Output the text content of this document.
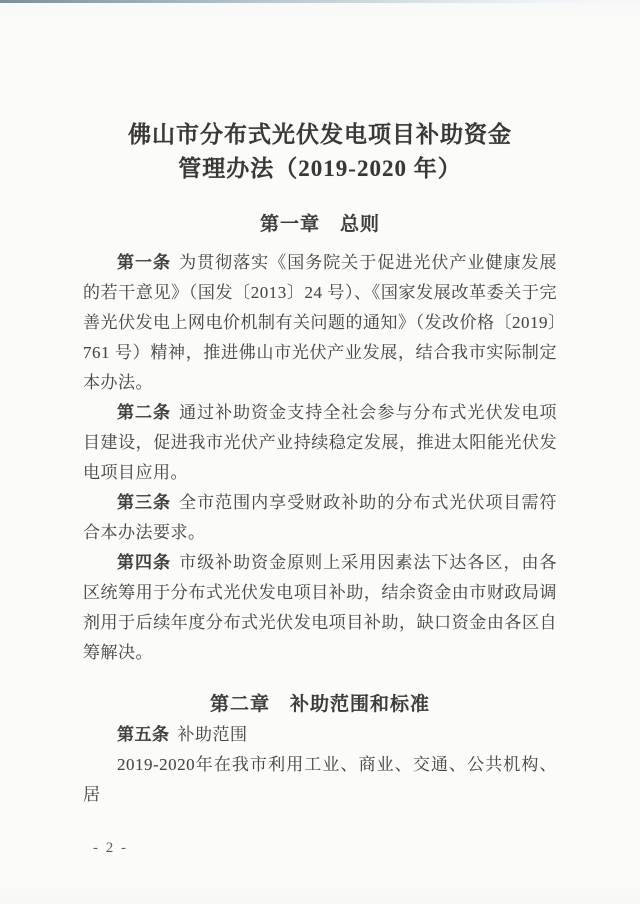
佛山市分布式光伏发电项目补助资金
管理办法（2019-2020 年）
第一章　总则

第一条 为贯彻落实《国务院关于促进光伏产业健康发展的若干意见》（国发〔2013〕24 号）、《国家发展改革委关于完善光伏发电上网电价机制有关问题的通知》（发改价格〔2019〕761 号）精神，推进佛山市光伏产业发展，结合我市实际制定本办法。

第二条 通过补助资金支持全社会参与分布式光伏发电项目建设，促进我市光伏产业持续稳定发展，推进太阳能光伏发电项目应用。

第三条 全市范围内享受财政补助的分布式光伏项目需符合本办法要求。

第四条 市级补助资金原则上采用因素法下达各区，由各区统筹用于分布式光伏发电项目补助，结余资金由市财政局调剂用于后续年度分布式光伏发电项目补助，缺口资金由各区自筹解决。

第二章　补助范围和标准

第五条 补助范围

2019-2020年在我市利用工业、商业、交通、公共机构、居

- 2 -
